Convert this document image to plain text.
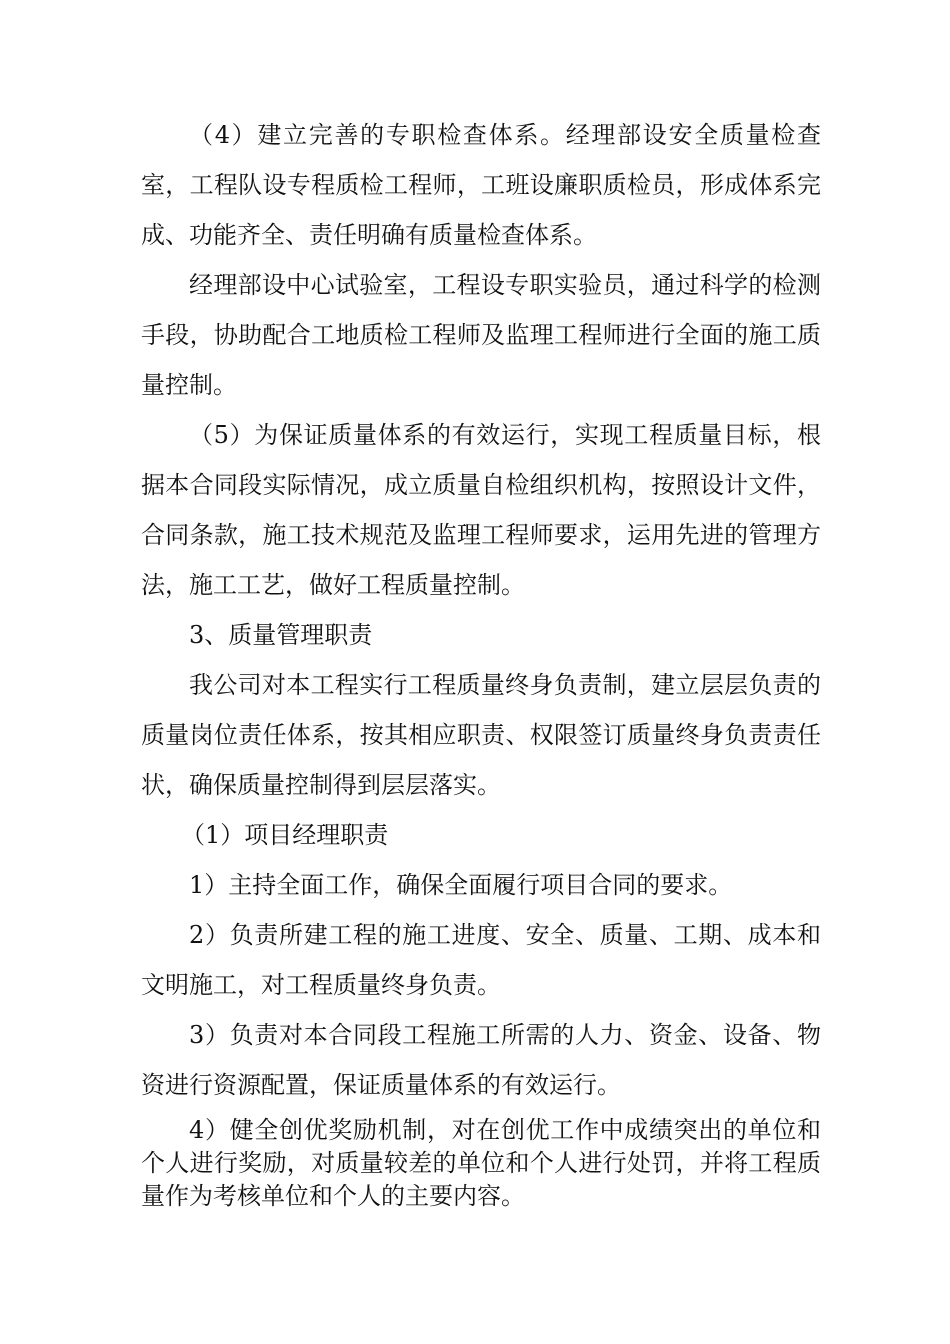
（4）建立完善的专职检查体系。经理部设安全质量检查室，工程队设专程质检工程师，工班设廉职质检员，形成体系完成、功能齐全、责任明确有质量检查体系。

经理部设中心试验室，工程设专职实验员，通过科学的检测手段，协助配合工地质检工程师及监理工程师进行全面的施工质量控制。

（5）为保证质量体系的有效运行，实现工程质量目标，根据本合同段实际情况，成立质量自检组织机构，按照设计文件，合同条款，施工技术规范及监理工程师要求，运用先进的管理方法，施工工艺，做好工程质量控制。

3、质量管理职责

我公司对本工程实行工程质量终身负责制，建立层层负责的质量岗位责任体系，按其相应职责、权限签订质量终身负责责任状，确保质量控制得到层层落实。

（1）项目经理职责

1）主持全面工作，确保全面履行项目合同的要求。

2）负责所建工程的施工进度、安全、质量、工期、成本和文明施工，对工程质量终身负责。

3）负责对本合同段工程施工所需的人力、资金、设备、物资进行资源配置，保证质量体系的有效运行。

4）健全创优奖励机制，对在创优工作中成绩突出的单位和个人进行奖励，对质量较差的单位和个人进行处罚，并将工程质量作为考核单位和个人的主要内容。
